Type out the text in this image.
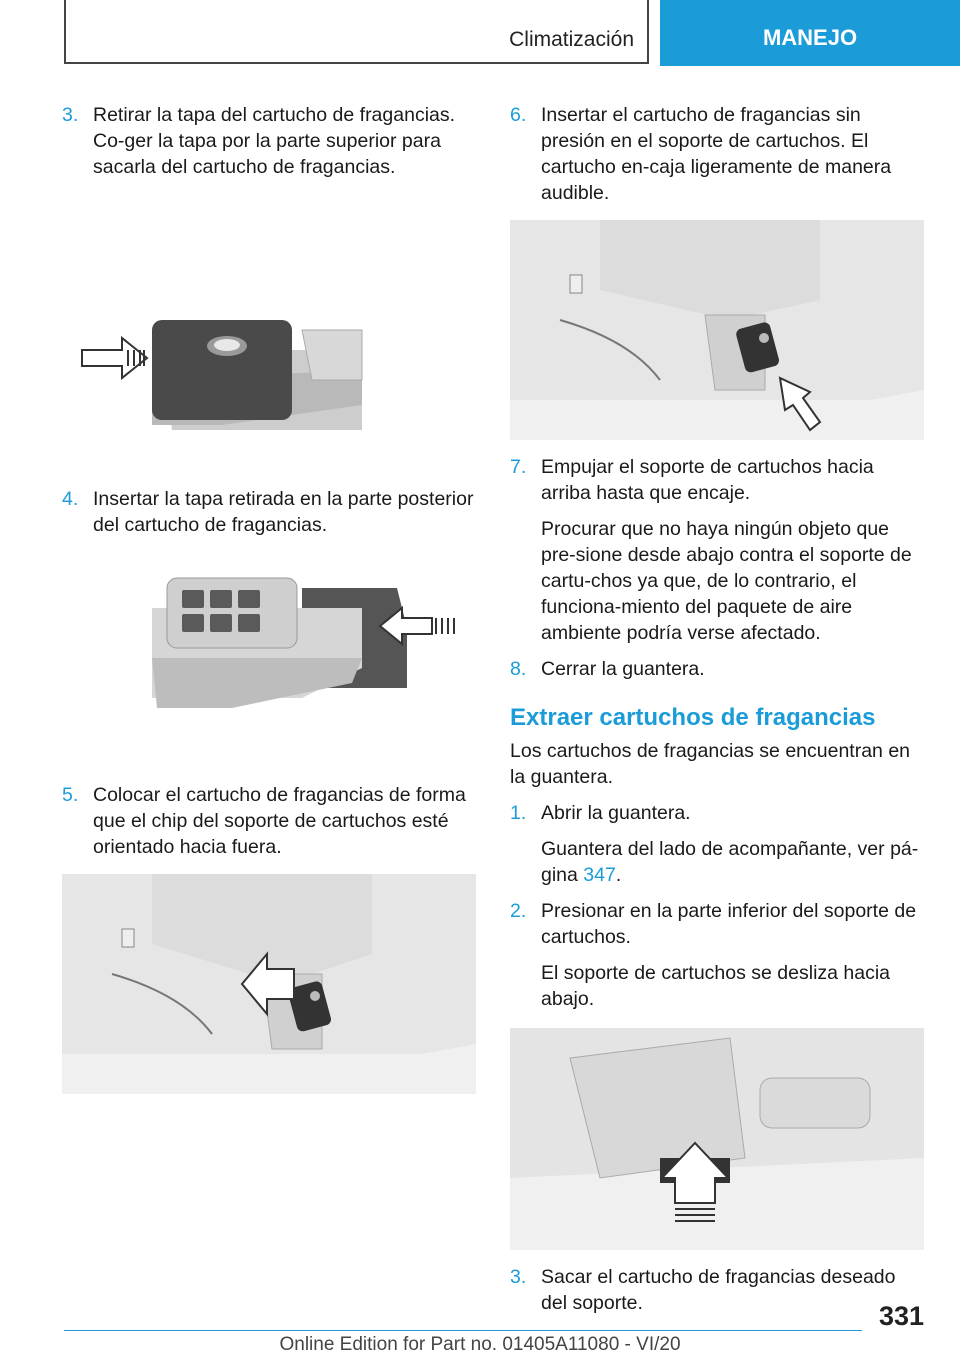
Climatización	MANEJO
3. Retirar la tapa del cartucho de fragancias. Co-ger la tapa por la parte superior para sacarla del cartucho de fragancias.
4. Insertar la tapa retirada en la parte posterior del cartucho de fragancias.
5. Colocar el cartucho de fragancias de forma que el chip del soporte de cartuchos esté orientado hacia fuera.
6. Insertar el cartucho de fragancias sin presión en el soporte de cartuchos. El cartucho en-caja ligeramente de manera audible.
7. Empujar el soporte de cartuchos hacia arriba hasta que encaje.

Procurar que no haya ningún objeto que pre-sione desde abajo contra el soporte de cartu-chos ya que, de lo contrario, el funciona-miento del paquete de aire ambiente podría verse afectado.

8. Cerrar la guantera.
Extraer cartuchos de fragancias

Los cartuchos de fragancias se encuentran en la guantera.

1. Abrir la guantera.

Guantera del lado de acompañante, ver pá-gina 347.

2. Presionar en la parte inferior del soporte de cartuchos.

El soporte de cartuchos se desliza hacia abajo.

3. Sacar el cartucho de fragancias deseado del soporte.	331
Online Edition for Part no. 01405A11080 - VI/20
